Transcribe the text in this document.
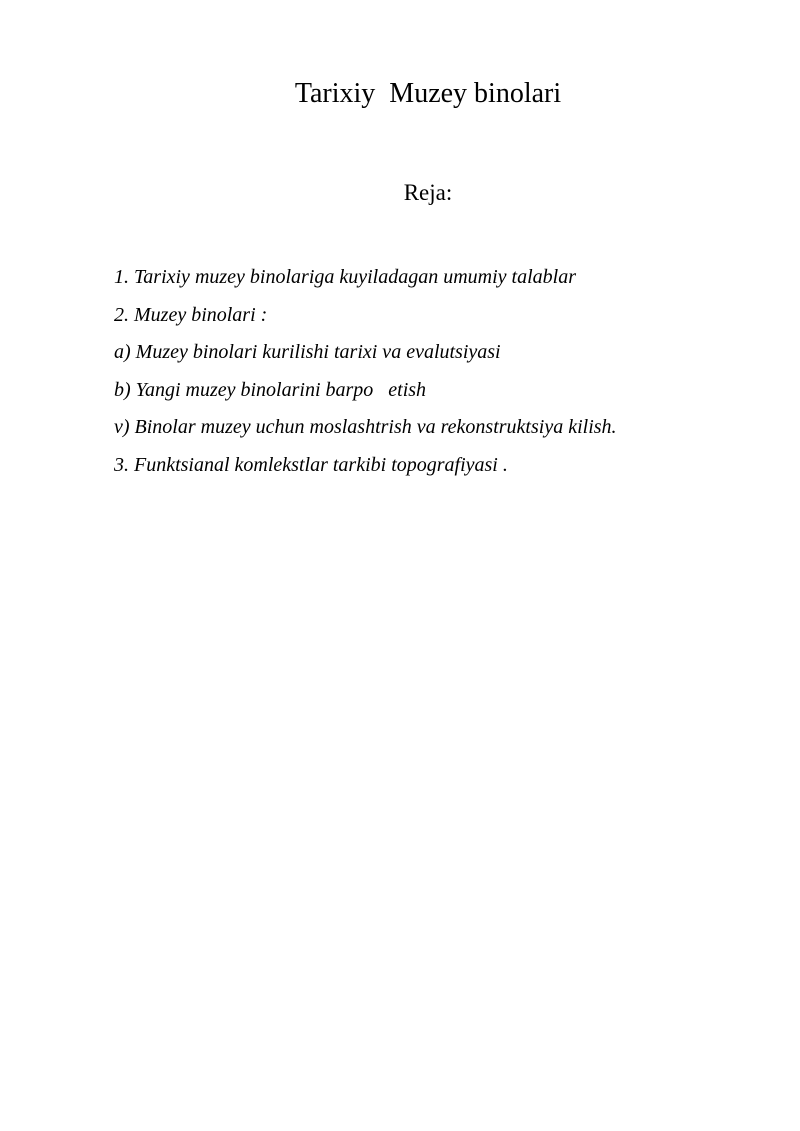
Tarixiy  Muzey binolari
Reja:
1. Tarixiy muzey binolariga kuyiladagan umumiy talablar
2. Muzey binolari :
a) Muzey binolari kurilishi tarixi va evalutsiyasi
b) Yangi muzey binolarini barpo   etish
v) Binolar muzey uchun moslashtrish va rekonstruktsiya kilish.
3. Funktsianal komlekstlar tarkibi topografiyasi .
